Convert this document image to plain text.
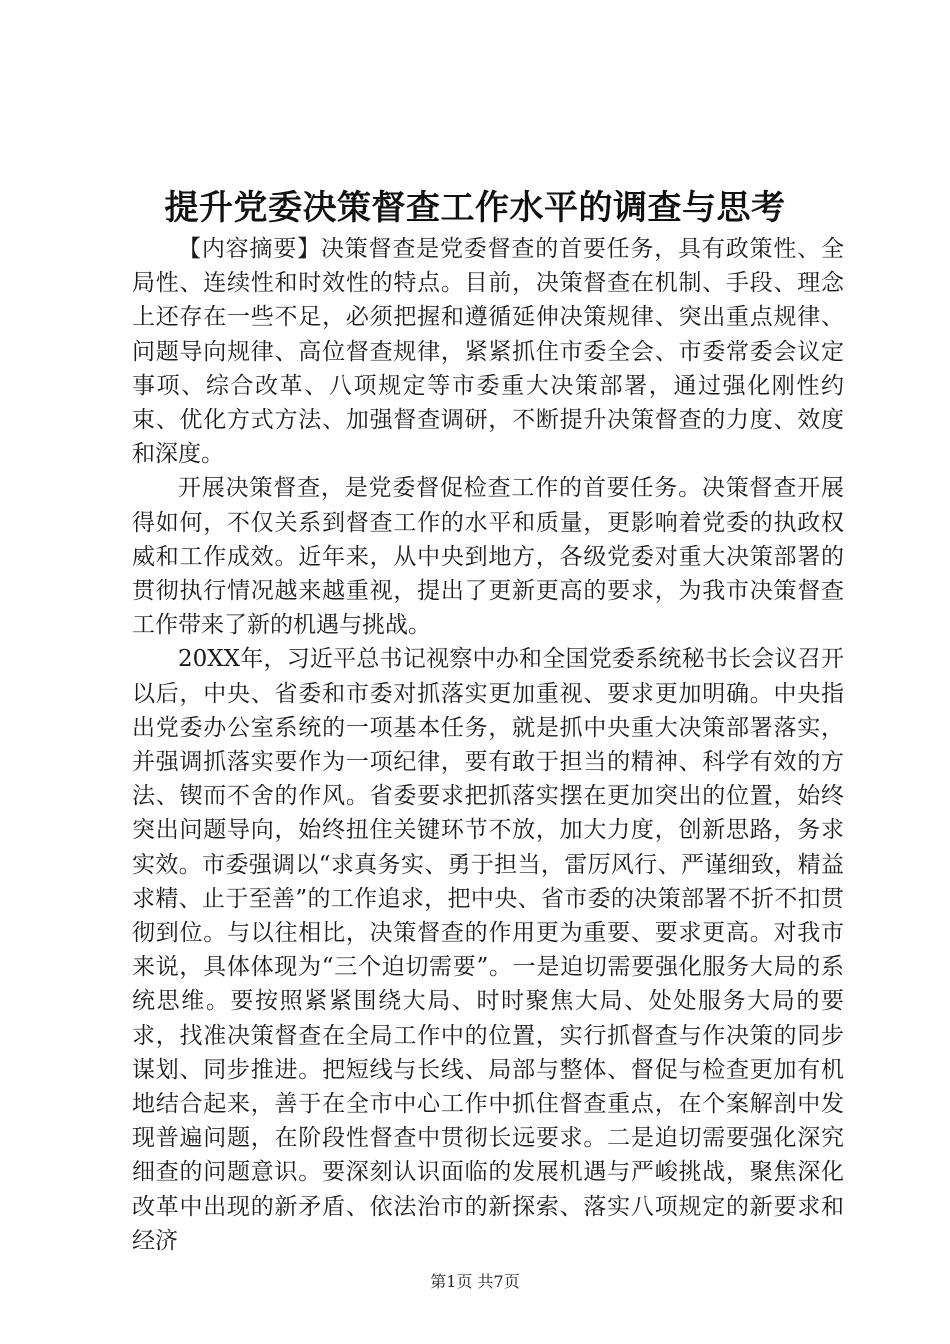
提升党委决策督查工作水平的调查与思考

【内容摘要】决策督查是党委督查的首要任务，具有政策性、全局性、连续性和时效性的特点。目前，决策督查在机制、手段、理念上还存在一些不足，必须把握和遵循延伸决策规律、突出重点规律、问题导向规律、高位督查规律，紧紧抓住市委全会、市委常委会议定事项、综合改革、八项规定等市委重大决策部署，通过强化刚性约束、优化方式方法、加强督查调研，不断提升决策督查的力度、效度和深度。

开展决策督查，是党委督促检查工作的首要任务。决策督查开展得如何，不仅关系到督查工作的水平和质量，更影响着党委的执政权威和工作成效。近年来，从中央到地方，各级党委对重大决策部署的贯彻执行情况越来越重视，提出了更新更高的要求，为我市决策督查工作带来了新的机遇与挑战。

20XX年，习近平总书记视察中办和全国党委系统秘书长会议召开以后，中央、省委和市委对抓落实更加重视、要求更加明确。中央指出党委办公室系统的一项基本任务，就是抓中央重大决策部署落实，并强调抓落实要作为一项纪律，要有敢于担当的精神、科学有效的方法、锲而不舍的作风。省委要求把抓落实摆在更加突出的位置，始终突出问题导向，始终扭住关键环节不放，加大力度，创新思路，务求实效。市委强调以“求真务实、勇于担当，雷厉风行、严谨细致，精益求精、止于至善”的工作追求，把中央、省市委的决策部署不折不扣贯彻到位。与以往相比，决策督查的作用更为重要、要求更高。对我市来说，具体体现为“三个迫切需要”。一是迫切需要强化服务大局的系统思维。要按照紧紧围绕大局、时时聚焦大局、处处服务大局的要求，找准决策督查在全局工作中的位置，实行抓督查与作决策的同步谋划、同步推进。把短线与长线、局部与整体、督促与检查更加有机地结合起来，善于在全市中心工作中抓住督查重点，在个案解剖中发现普遍问题，在阶段性督查中贯彻长远要求。二是迫切需要强化深究细查的问题意识。要深刻认识面临的发展机遇与严峻挑战，聚焦深化改革中出现的新矛盾、依法治市的新探索、落实八项规定的新要求和经济

第1页 共7页
